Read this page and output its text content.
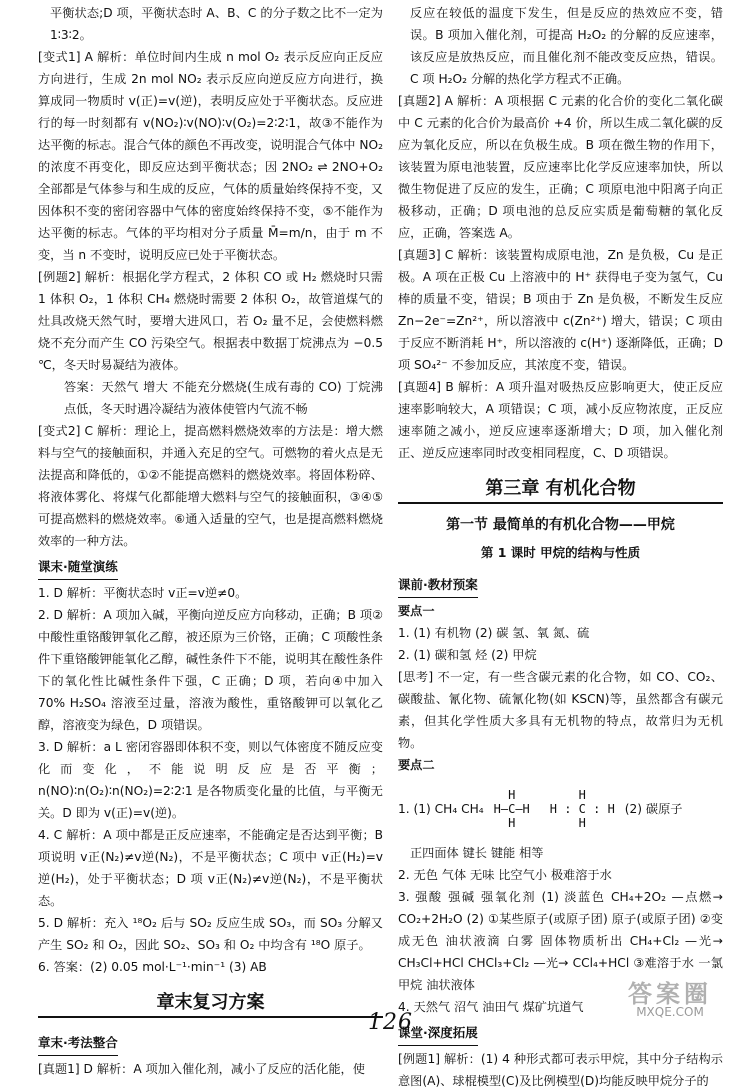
平衡状态;D 项，平衡状态时 A、B、C 的分子数之比不一定为 1∶3∶2。

[变式1] A 解析：单位时间内生成 n mol O₂ 表示反应向正反应方向进行，生成 2n mol NO₂ 表示反应向逆反应方向进行，换算成同一物质时 v(正)=v(逆)，表明反应处于平衡状态。反应进行的每一时刻都有 v(NO₂)∶v(NO)∶v(O₂)=2∶2∶1，故③不能作为达平衡的标志。混合气体的颜色不再改变，说明混合气体中 NO₂ 的浓度不再变化，即反应达到平衡状态；因 2NO₂ ⇌ 2NO+O₂ 全部都是气体参与和生成的反应，气体的质量始终保持不变，又因体积不变的密闭容器中气体的密度始终保持不变，⑤不能作为达平衡的标志。气体的平均相对分子质量 M̄=m/n，由于 m 不变，当 n 不变时，说明反应已处于平衡状态。

[例题2] 解析：根据化学方程式，2 体积 CO 或 H₂ 燃烧时只需 1 体积 O₂，1 体积 CH₄ 燃烧时需要 2 体积 O₂，故管道煤气的灶具改烧天然气时，要增大进风口，若 O₂ 量不足，会使燃料燃烧不充分而产生 CO 污染空气。根据表中数据丁烷沸点为 −0.5 ℃，冬天时易凝结为液体。

答案：天然气 增大 不能充分燃烧(生成有毒的 CO) 丁烷沸点低，冬天时遇冷凝结为液体使管内气流不畅

[变式2] C 解析：理论上，提高燃料燃烧效率的方法是：增大燃料与空气的接触面积，并通入充足的空气。可燃物的着火点是无法提高和降低的，①②不能提高燃料的燃烧效率。将固体粉碎、将液体雾化、将煤气化都能增大燃料与空气的接触面积，③④⑤可提高燃料的燃烧效率。⑥通入适量的空气，也是提高燃料燃烧效率的一种方法。

课末·随堂演练

1. D 解析：平衡状态时 v正=v逆≠0。

2. D 解析：A 项加入碱，平衡向逆反应方向移动，正确；B 项②中酸性重铬酸钾氧化乙醇，被还原为三价铬，正确；C 项酸性条件下重铬酸钾能氧化乙醇，碱性条件下不能，说明其在酸性条件下的氧化性比碱性条件下强，C 正确；D 项，若向④中加入 70% H₂SO₄ 溶液至过量，溶液为酸性，重铬酸钾可以氧化乙醇，溶液变为绿色，D 项错误。

3. D 解析：a L 密闭容器即体积不变，则以气体密度不随反应变化而变化，不能说明反应是否平衡；n(NO)∶n(O₂)∶n(NO₂)=2∶2∶1 是各物质变化量的比值，与平衡无关。D 即为 v(正)=v(逆)。

4. C 解析：A 项中都是正反应速率，不能确定是否达到平衡；B 项说明 v正(N₂)≠v逆(N₂)，不是平衡状态；C 项中 v正(H₂)=v逆(H₂)，处于平衡状态；D 项 v正(N₂)≠v逆(N₂)，不是平衡状态。

5. D 解析：充入 ¹⁸O₂ 后与 SO₂ 反应生成 SO₃，而 SO₃ 分解又产生 SO₂ 和 O₂，因此 SO₂、SO₃ 和 O₂ 中均含有 ¹⁸O 原子。

6. 答案：(2) 0.05 mol·L⁻¹·min⁻¹ (3) AB

章末复习方案
章末·考法整合

[真题1] D 解析：A 项加入催化剂，减小了反应的活化能，使

反应在较低的温度下发生，但是反应的热效应不变，错误。B 项加入催化剂，可提高 H₂O₂ 的分解的反应速率，该反应是放热反应，而且催化剂不能改变反应热，错误。C 项 H₂O₂ 分解的热化学方程式不正确。

[真题2] A 解析：A 项根据 C 元素的化合价的变化二氧化碳中 C 元素的化合价为最高价 +4 价，所以生成二氧化碳的反应为氧化反应，所以在负极生成。B 项在微生物的作用下，该装置为原电池装置，反应速率比化学反应速率加快，所以微生物促进了反应的发生，正确；C 项原电池中阳离子向正极移动，正确；D 项电池的总反应实质是葡萄糖的氧化反应，正确，答案选 A。

[真题3] C 解析：该装置构成原电池，Zn 是负极，Cu 是正极。A 项在正极 Cu 上溶液中的 H⁺ 获得电子变为氢气，Cu 棒的质量不变，错误；B 项由于 Zn 是负极，不断发生反应 Zn−2e⁻=Zn²⁺，所以溶液中 c(Zn²⁺) 增大，错误；C 项由于反应不断消耗 H⁺，所以溶液的 c(H⁺) 逐渐降低，正确；D 项 SO₄²⁻ 不参加反应，其浓度不变，错误。

[真题4] B 解析：A 项升温对吸热反应影响更大，使正反应速率影响较大，A 项错误；C 项，减小反应物浓度，正反应速率随之减小，逆反应速率逐渐增大；D 项，加入催化剂正、逆反应速率同时改变相同程度，C、D 项错误。

第三章 有机化合物
第一节 最简单的有机化合物——甲烷
第 1 课时 甲烷的结构与性质
课前·教材预案

要点一

1. (1) 有机物 (2) 碳 氢、氧 氮、硫

2. (1) 碳和氢 烃 (2) 甲烷

[思考] 不一定，有一些含碳元素的化合物，如 CO、CO₂、碳酸盐、氰化物、硫氰化物(如 KSCN)等，虽然都含有碳元素，但其化学性质大多具有无机物的特点，故常归为无机物。

要点二

1. (1) CH₄ CH₄
H
H—C—H
H
H
H : C : H
H
(2) 碳原子

正四面体 键长 键能 相等

2. 无色 气体 无味 比空气小 极难溶于水

3. 强酸 强碱 强氧化剂 (1) 淡蓝色 CH₄+2O₂ —点燃→ CO₂+2H₂O (2) ①某些原子(或原子团) 原子(或原子团) ②变成无色 油状液滴 白雾 固体物质析出 CH₄+Cl₂ —光→ CH₃Cl+HCl CHCl₃+Cl₂ —光→ CCl₄+HCl ③难溶于水 一氯甲烷 油状液体

4. 天然气 沼气 油田气 煤矿坑道气

课堂·深度拓展

[例题1] 解析：(1) 4 种形式都可表示甲烷，其中分子结构示意图(A)、球棍模型(C)及比例模型(D)均能反映甲烷分子的

126
答案圈
MXQE.COM
